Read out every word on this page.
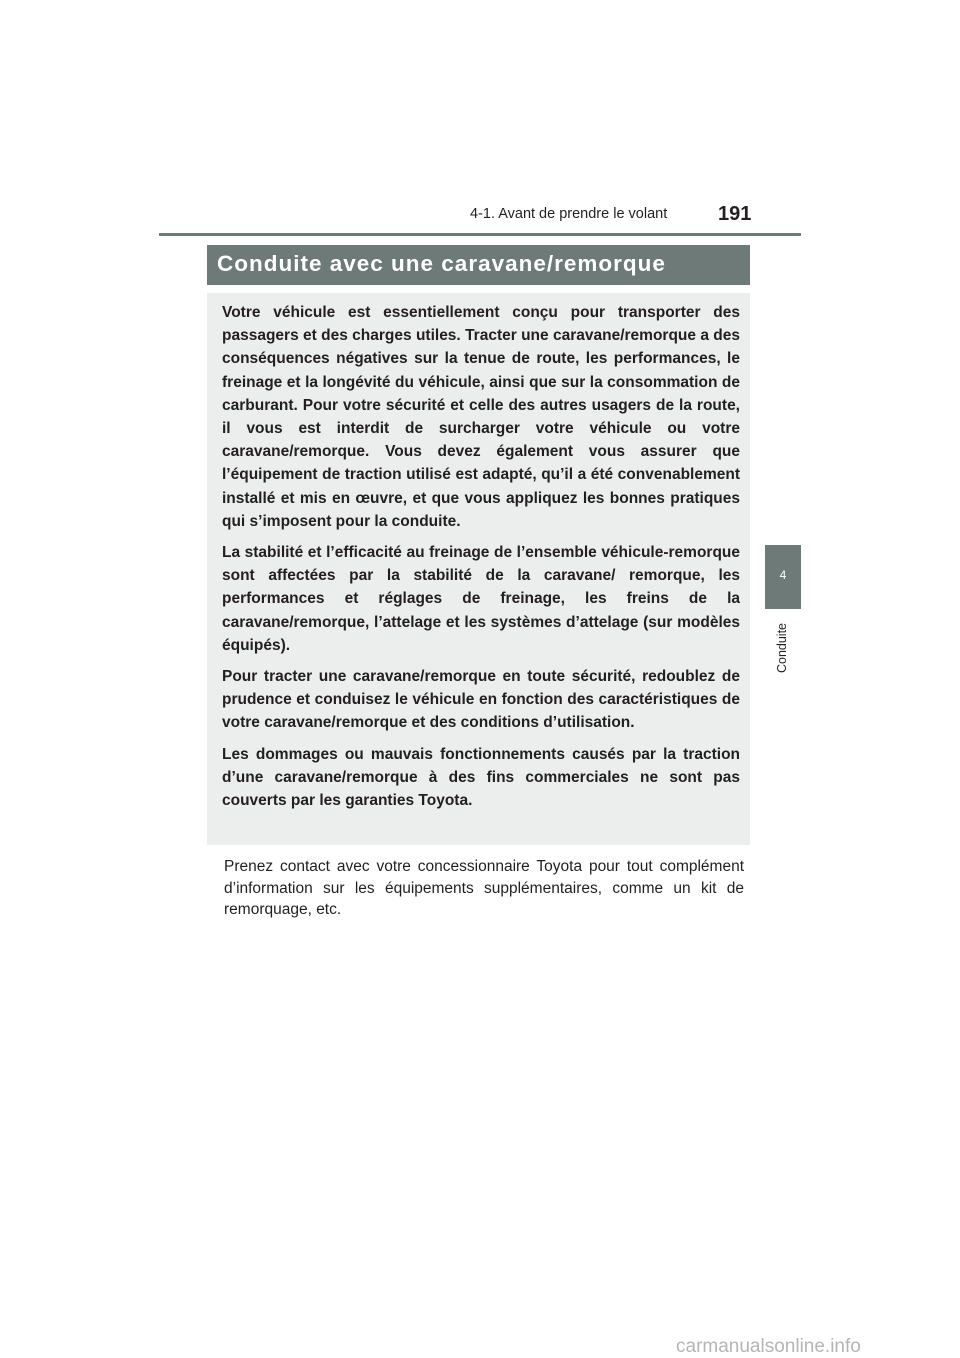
4-1. Avant de prendre le volant	191
4
Conduite
Conduite avec une caravane/remorque

Votre véhicule est essentiellement conçu pour transporter des passagers et des charges utiles. Tracter une caravane/remorque a des conséquences négatives sur la tenue de route, les performances, le freinage et la longévité du véhicule, ainsi que sur la consommation de carburant. Pour votre sécurité et celle des autres usagers de la route, il vous est interdit de surcharger votre véhicule ou votre caravane/remorque. Vous devez également vous assurer que l’équipement de traction utilisé est adapté, qu’il a été convenablement installé et mis en œuvre, et que vous appliquez les bonnes pratiques qui s’imposent pour la conduite.

La stabilité et l’efficacité au freinage de l’ensemble véhicule-remorque sont affectées par la stabilité de la caravane/ remorque, les performances et réglages de freinage, les freins de la caravane/remorque, l’attelage et les systèmes d’attelage (sur modèles équipés).

Pour tracter une caravane/remorque en toute sécurité, redoublez de prudence et conduisez le véhicule en fonction des caractéristiques de votre caravane/remorque et des conditions d’utilisation.

Les dommages ou mauvais fonctionnements causés par la traction d’une caravane/remorque à des fins commerciales ne sont pas couverts par les garanties Toyota.

Prenez contact avec votre concessionnaire Toyota pour tout complément d’information sur les équipements supplémentaires, comme un kit de remorquage, etc.

carmanualsonline.info
